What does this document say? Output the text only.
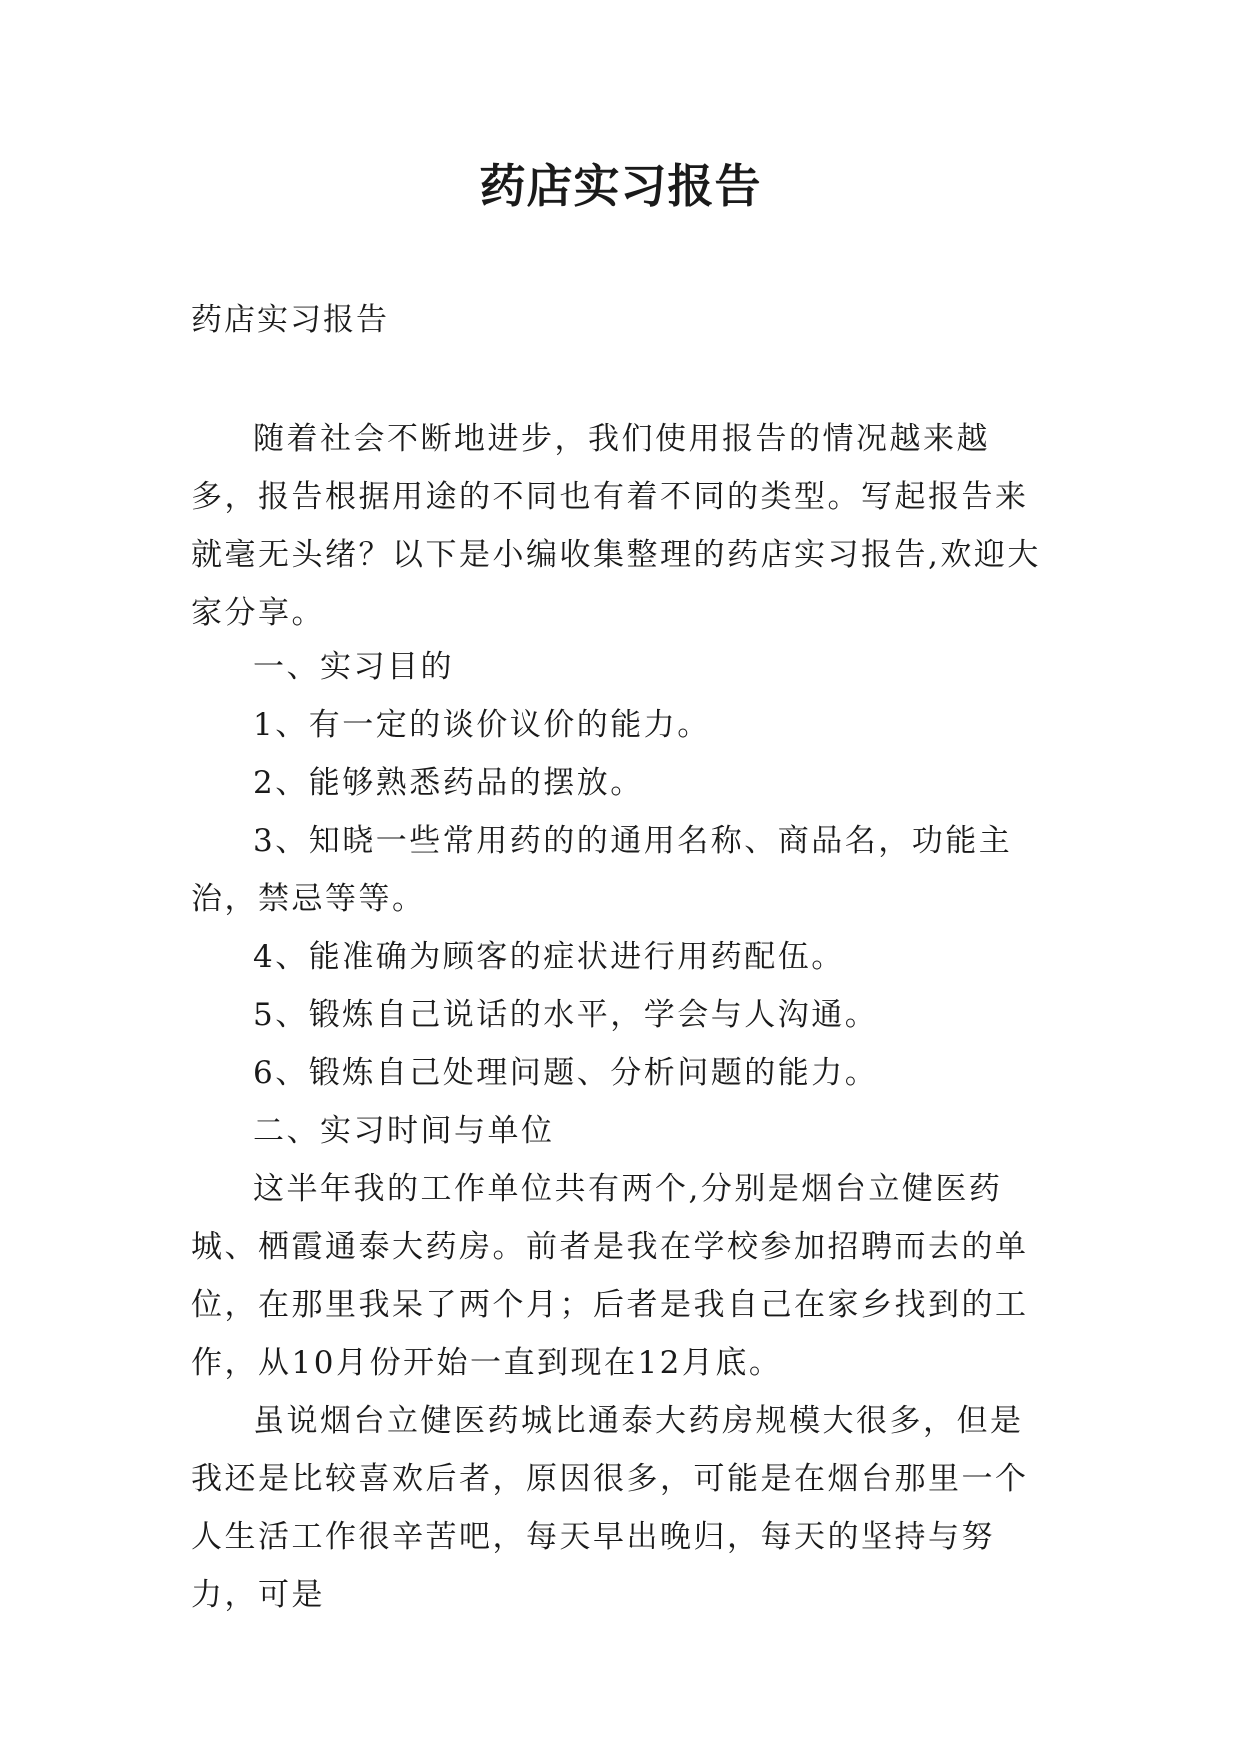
药店实习报告
药店实习报告

随着社会不断地进步，我们使用报告的情况越来越多，报告根据用途的不同也有着不同的类型。写起报告来就毫无头绪？以下是小编收集整理的药店实习报告,欢迎大家分享。

一、实习目的

1、有一定的谈价议价的能力。

2、能够熟悉药品的摆放。

3、知晓一些常用药的的通用名称、商品名，功能主治，禁忌等等。

4、能准确为顾客的症状进行用药配伍。

5、锻炼自己说话的水平，学会与人沟通。

6、锻炼自己处理问题、分析问题的能力。

二、实习时间与单位

这半年我的工作单位共有两个,分别是烟台立健医药城、栖霞通泰大药房。前者是我在学校参加招聘而去的单位，在那里我呆了两个月；后者是我自己在家乡找到的工作，从10月份开始一直到现在12月底。

虽说烟台立健医药城比通泰大药房规模大很多，但是我还是比较喜欢后者，原因很多，可能是在烟台那里一个人生活工作很辛苦吧，每天早出晚归，每天的坚持与努力，可是
